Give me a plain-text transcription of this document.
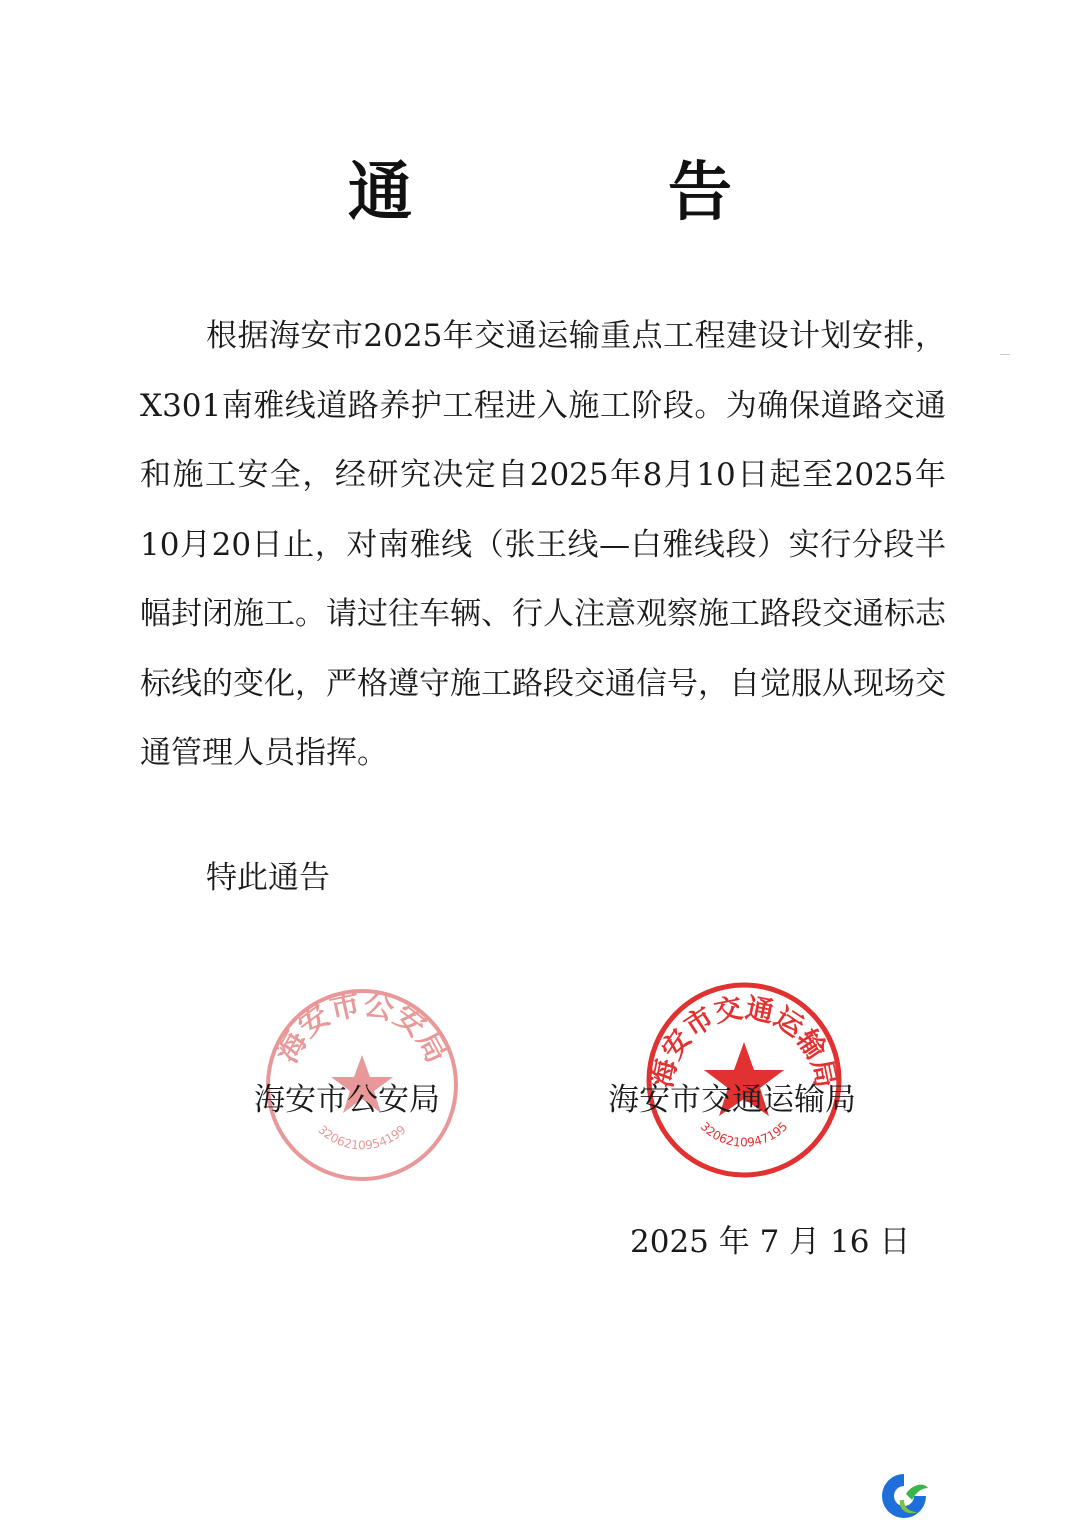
通　告
根据海安市2025年交通运输重点工程建设计划安排，X301南雅线道路养护工程进入施工阶段。为确保道路交通和施工安全，经研究决定自2025年8月10日起至2025年10月20日止，对南雅线（张王线—白雅线段）实行分段半幅封闭施工。请过往车辆、行人注意观察施工路段交通标志标线的变化，严格遵守施工路段交通信号，自觉服从现场交通管理人员指挥。
特此通告
海安市公安局
3206210954199
海安市交通运输局
3206210947195
海安市公安局	海安市交通运输局
2025 年 7 月 16 日
